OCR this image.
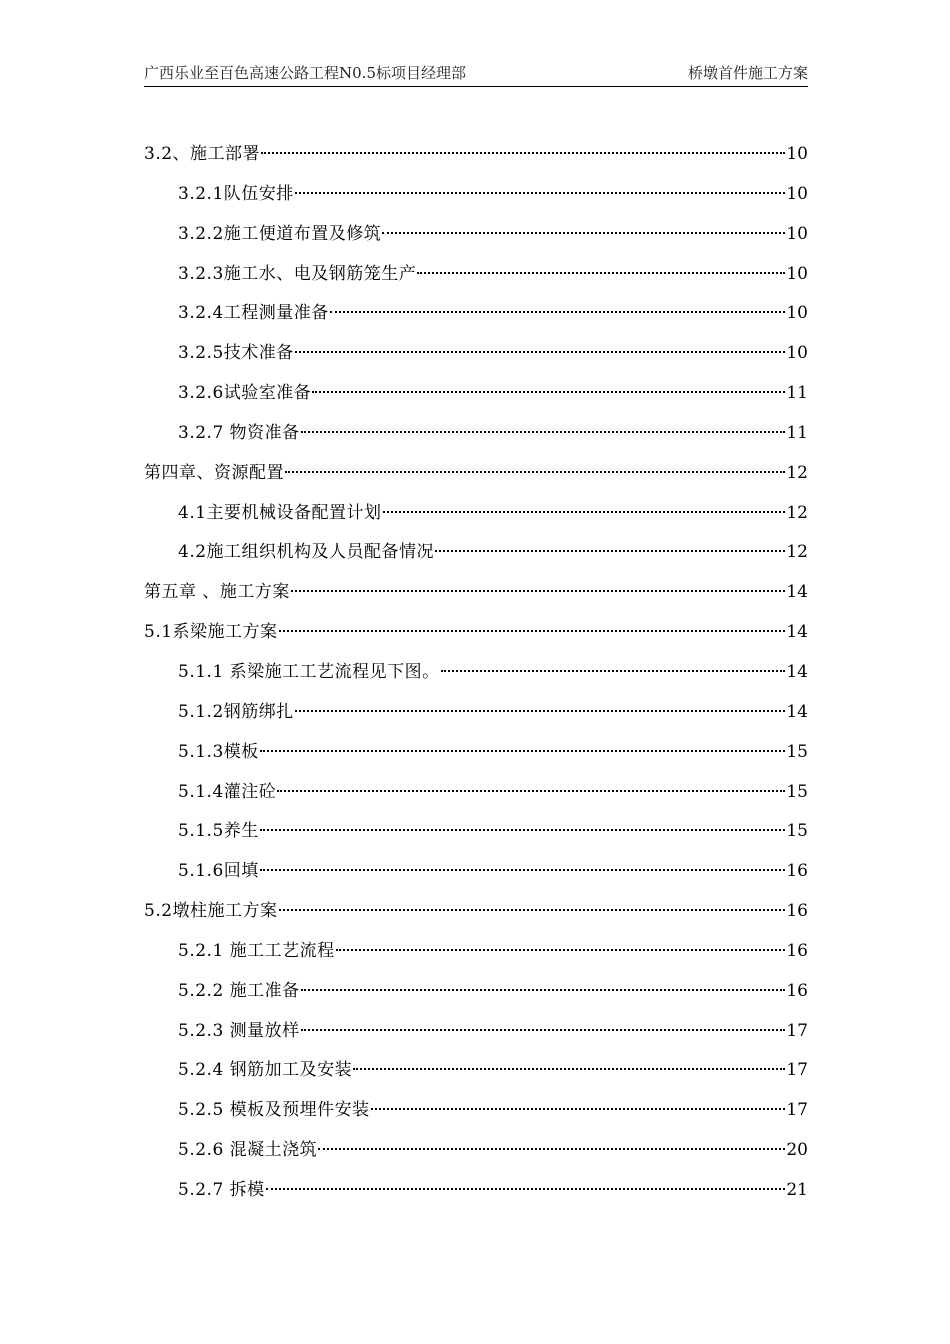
广西乐业至百色高速公路工程N0.5标项目经理部	桥墩首件施工方案
3.2、施工部署	10
3.2.1队伍安排	10
3.2.2施工便道布置及修筑	10
3.2.3施工水、电及钢筋笼生产	10
3.2.4工程测量准备	10
3.2.5技术准备	10
3.2.6试验室准备	11
3.2.7 物资准备	11
第四章、资源配置	12
4.1主要机械设备配置计划	12
4.2施工组织机构及人员配备情况	12
第五章 、施工方案	14
5.1系梁施工方案	14
5.1.1 系梁施工工艺流程见下图。	14
5.1.2钢筋绑扎	14
5.1.3模板	15
5.1.4灌注砼	15
5.1.5养生	15
5.1.6回填	16
5.2墩柱施工方案	16
5.2.1 施工工艺流程	16
5.2.2 施工准备	16
5.2.3 测量放样	17
5.2.4 钢筋加工及安装	17
5.2.5 模板及预埋件安装	17
5.2.6 混凝土浇筑	20
5.2.7 拆模	21
